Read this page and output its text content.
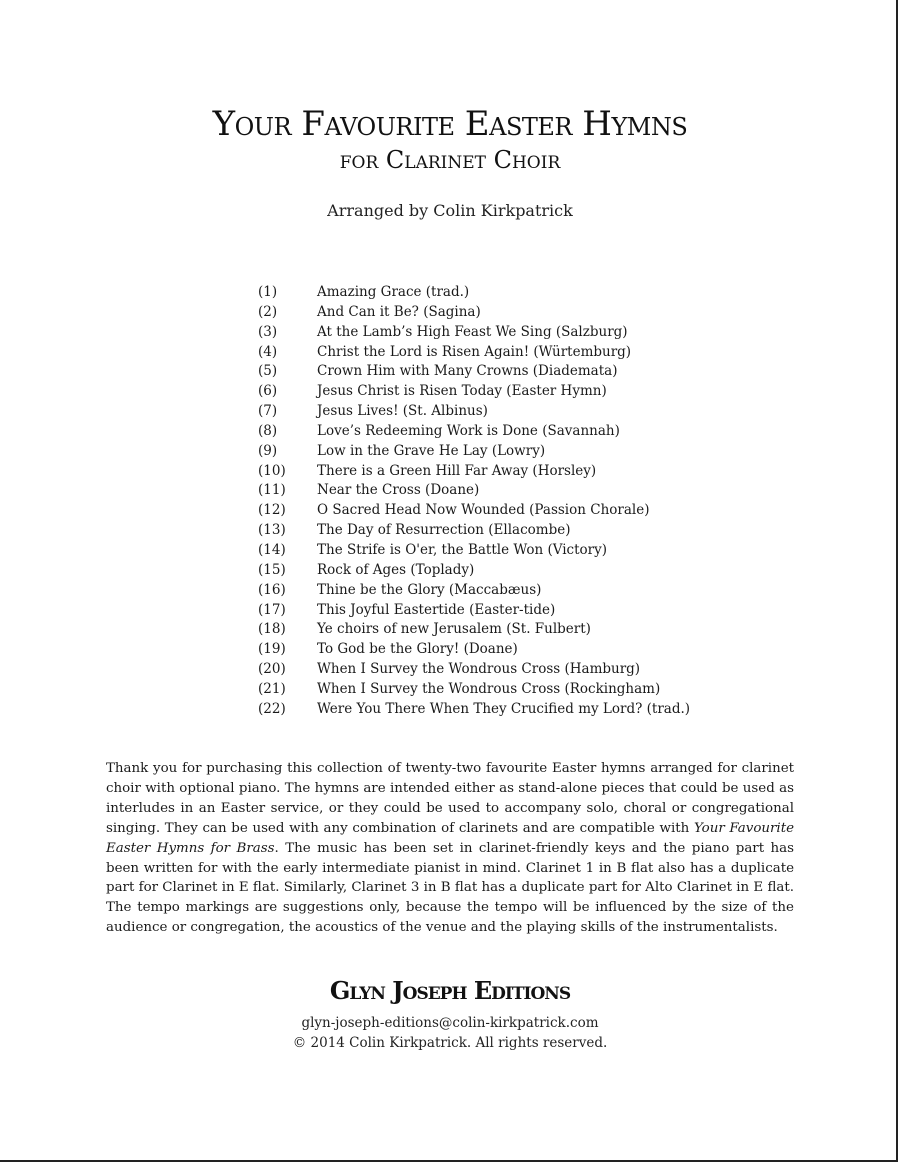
Your Favourite Easter Hymns
for Clarinet Choir
Arranged by Colin Kirkpatrick
(1)	Amazing Grace (trad.)
(2)	And Can it Be? (Sagina)
(3)	At the Lamb’s High Feast We Sing (Salzburg)
(4)	Christ the Lord is Risen Again! (Würtemburg)
(5)	Crown Him with Many Crowns (Diademata)
(6)	Jesus Christ is Risen Today (Easter Hymn)
(7)	Jesus Lives! (St. Albinus)
(8)	Love’s Redeeming Work is Done (Savannah)
(9)	Low in the Grave He Lay (Lowry)
(10) There is a Green Hill Far Away (Horsley)
(11) Near the Cross (Doane)
(12) O Sacred Head Now Wounded (Passion Chorale)
(13) The Day of Resurrection (Ellacombe)
(14) The Strife is O'er, the Battle Won (Victory)
(15) Rock of Ages (Toplady)
(16) Thine be the Glory (Maccabæus)
(17) This Joyful Eastertide (Easter-tide)
(18) Ye choirs of new Jerusalem (St. Fulbert)
(19) To God be the Glory! (Doane)
(20) When I Survey the Wondrous Cross (Hamburg)
(21) When I Survey the Wondrous Cross (Rockingham)
(22) Were You There When They Crucified my Lord? (trad.)

Thank you for purchasing this collection of twenty-two favourite Easter hymns arranged for clarinet choir with optional piano. The hymns are intended either as stand-alone pieces that could be used as interludes in an Easter service, or they could be used to accompany solo, choral or congregational singing. They can be used with any combination of clarinets and are compatible with Your Favourite Easter Hymns for Brass. The music has been set in clarinet-friendly keys and the piano part has been written for with the early intermediate pianist in mind. Clarinet 1 in B flat also has a duplicate part for Clarinet in E flat. Similarly, Clarinet 3 in B flat has a duplicate part for Alto Clarinet in E flat. The tempo markings are suggestions only, because the tempo will be influenced by the size of the audience or congregation, the acoustics of the venue and the playing skills of the instrumentalists.

Glyn Joseph Editions
glyn-joseph-editions@colin-kirkpatrick.com
© 2014 Colin Kirkpatrick. All rights reserved.
